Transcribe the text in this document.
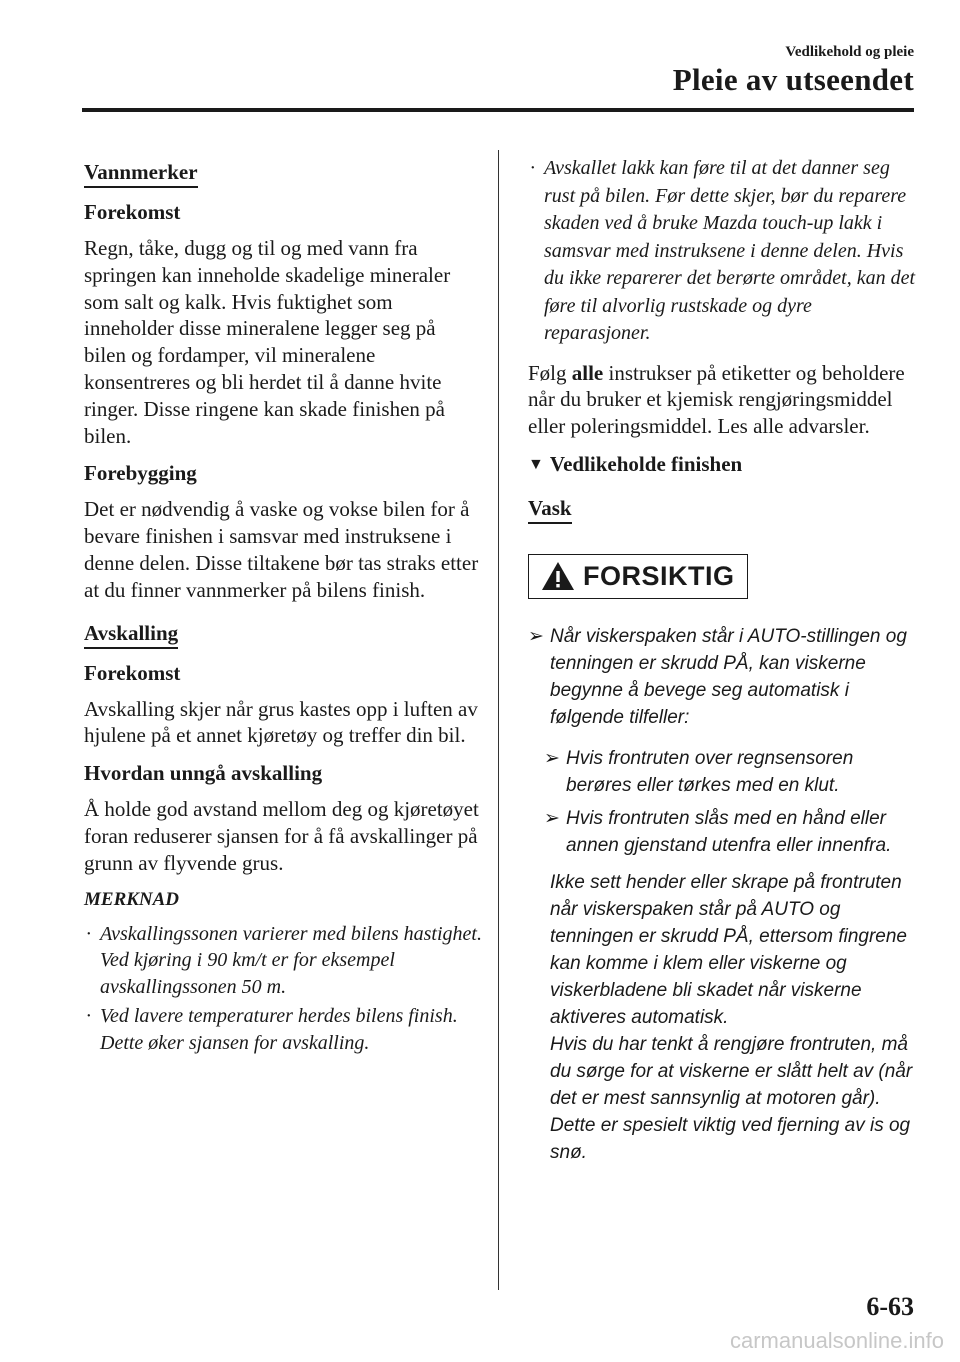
Vedlikehold og pleie
Pleie av utseendet
Vannmerker
Forekomst

Regn, tåke, dugg og til og med vann fra springen kan inneholde skadelige mineraler som salt og kalk. Hvis fuktighet som inneholder disse mineralene legger seg på bilen og fordamper, vil mineralene konsentreres og bli herdet til å danne hvite ringer. Disse ringene kan skade finishen på bilen.

Forebygging

Det er nødvendig å vaske og vokse bilen for å bevare finishen i samsvar med instruksene i denne delen. Disse tiltakene bør tas straks etter at du finner vannmerker på bilens finish.

Avskalling
Forekomst

Avskalling skjer når grus kastes opp i luften av hjulene på et annet kjøretøy og treffer din bil.

Hvordan unngå avskalling

Å holde god avstand mellom deg og kjøretøyet foran reduserer sjansen for å få avskallinger på grunn av flyvende grus.

MERKNAD
· Avskallingssonen varierer med bilens hastighet. Ved kjøring i 90 km/t er for eksempel avskallingssonen 50 m.
· Ved lavere temperaturer herdes bilens finish. Dette øker sjansen for avskalling.
· Avskallet lakk kan føre til at det danner seg rust på bilen. Før dette skjer, bør du reparere skaden ved å bruke Mazda touch-up lakk i samsvar med instruksene i denne delen. Hvis du ikke reparerer det berørte området, kan det føre til alvorlig rustskade og dyre reparasjoner.

Følg alle instrukser på etiketter og beholdere når du bruker et kjemisk rengjøringsmiddel eller poleringsmiddel. Les alle advarsler.

▼ Vedlikeholde finishen
Vask
FORSIKTIG
➢ Når viskerspaken står i AUTO-stillingen og tenningen er skrudd PÅ, kan viskerne begynne å bevege seg automatisk i følgende tilfeller:
➢ Hvis frontruten over regnsensoren berøres eller tørkes med en klut.
➢ Hvis frontruten slås med en hånd eller annen gjenstand utenfra eller innenfra.

Ikke sett hender eller skrape på frontruten når viskerspaken står på AUTO og tenningen er skrudd PÅ, ettersom fingrene kan komme i klem eller viskerne og viskerbladene bli skadet når viskerne aktiveres automatisk.

Hvis du har tenkt å rengjøre frontruten, må du sørge for at viskerne er slått helt av (når det er mest sannsynlig at motoren går). Dette er spesielt viktig ved fjerning av is og snø.

6-63
carmanualsonline.info
